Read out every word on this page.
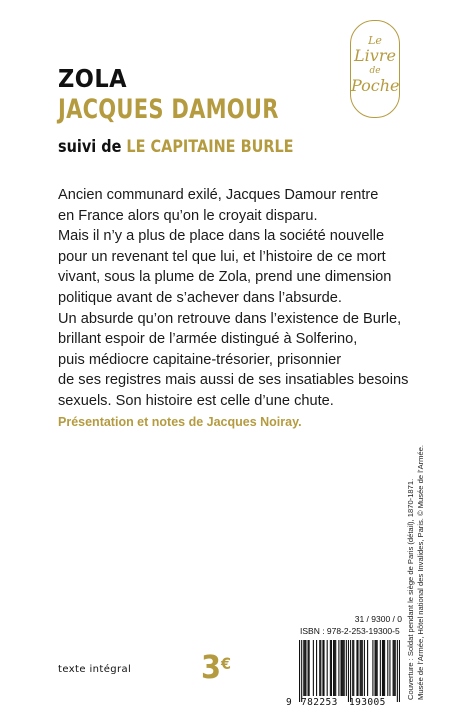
ZOLA
JACQUES DAMOUR
suivi de LE CAPITAINE BURLE
Le
Livre
de
Poche
Ancien communard exilé, Jacques Damour rentre
en France alors qu’on le croyait disparu.
Mais il n’y a plus de place dans la société nouvelle
pour un revenant tel que lui, et l’histoire de ce mort
vivant, sous la plume de Zola, prend une dimension
politique avant de s’achever dans l’absurde.
Un absurde qu’on retrouve dans l’existence de Burle,
brillant espoir de l’armée distingué à Solferino,
puis médiocre capitaine-trésorier, prisonnier
de ses registres mais aussi de ses insatiables besoins
sexuels. Son histoire est celle d’une chute.
Présentation et notes de Jacques Noiray.
Couverture : Soldat pendant le siège de Paris (détail), 1870-1871. Musée de l’Armée, Hôtel national des Invalides, Paris. © Musée de l’Armée.
texte intégral 3€
31 / 9300 / 0
ISBN : 978-2-253-19300-5
9 782253 193005
